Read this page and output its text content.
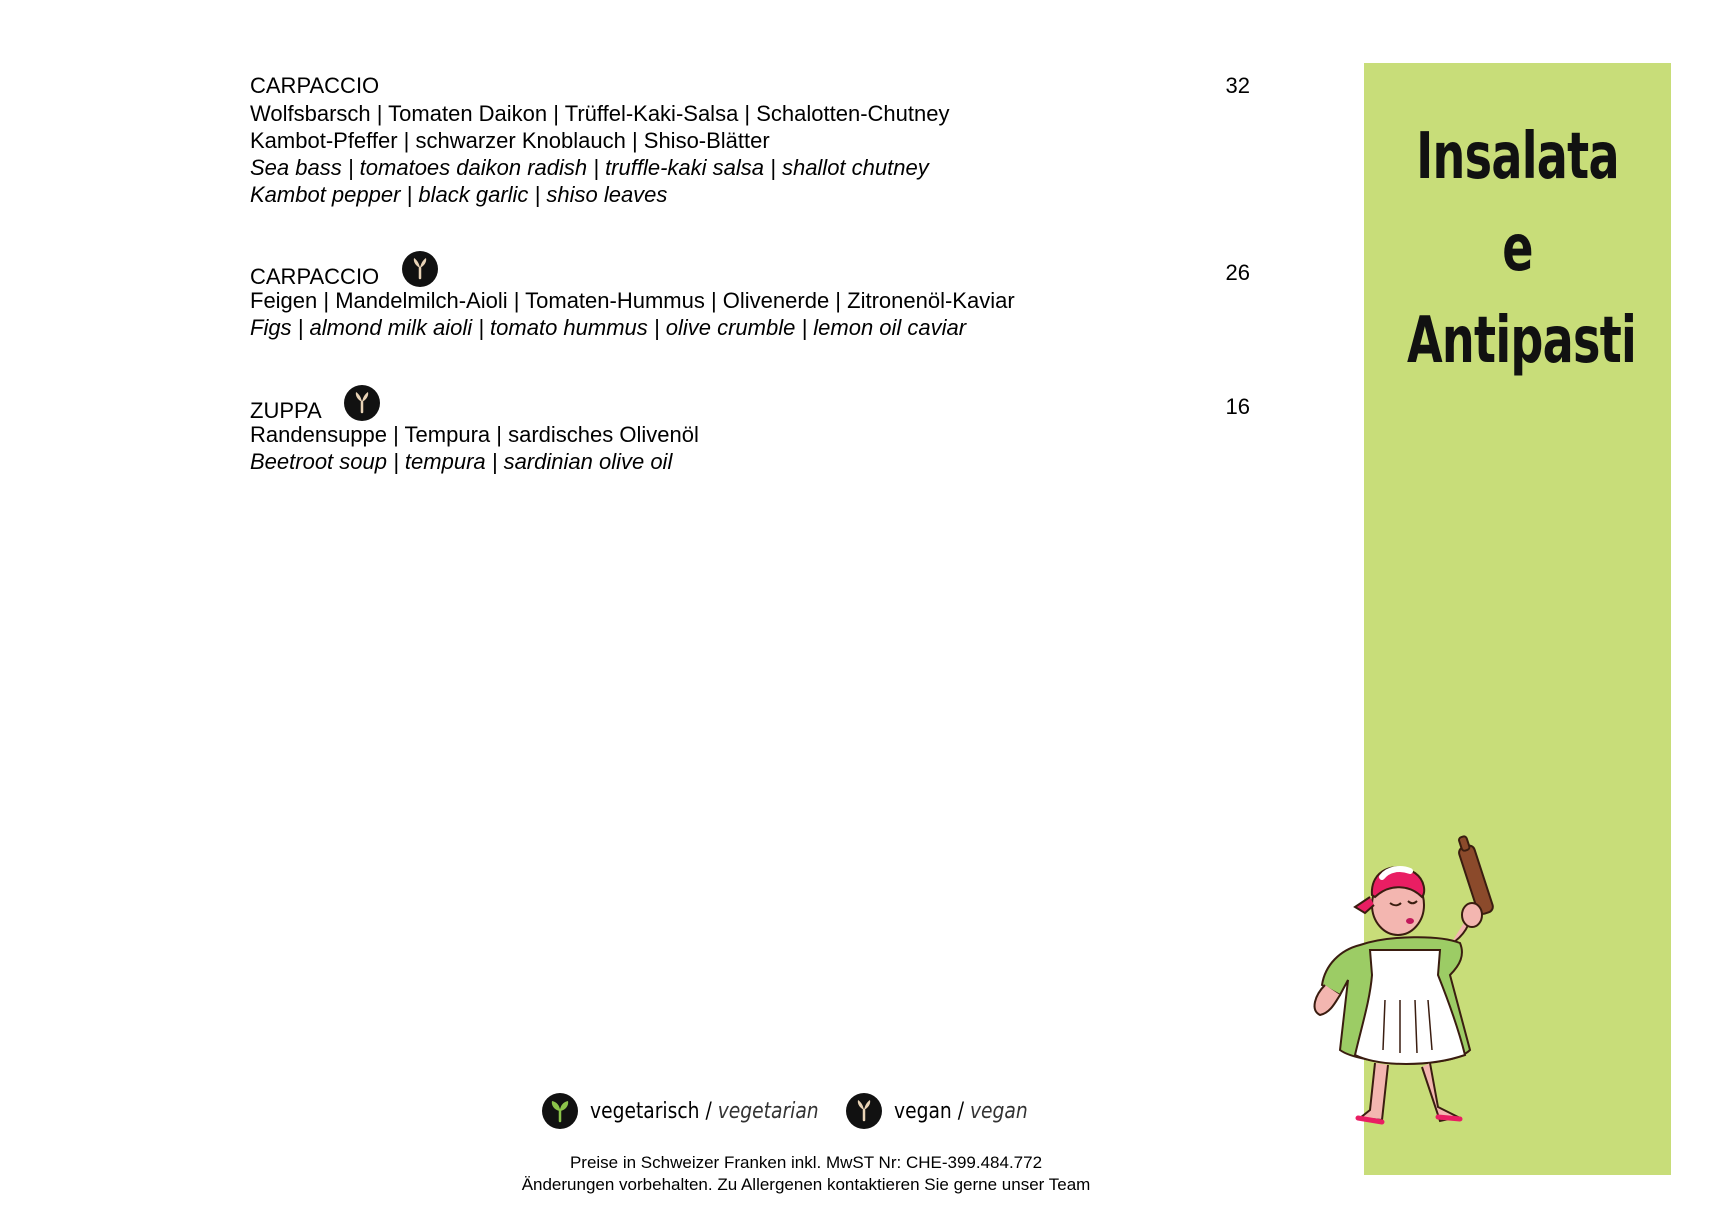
CARPACCIO	32
Wolfsbarsch | Tomaten Daikon | Trüffel-Kaki-Salsa | Schalotten-Chutney
Kambot-Pfeffer | schwarzer Knoblauch | Shiso-Blätter
Sea bass | tomatoes daikon radish | truffle-kaki salsa | shallot chutney
Kambot pepper | black garlic | shiso leaves
CARPACCIO	26
Feigen | Mandelmilch-Aioli | Tomaten-Hummus | Olivenerde | Zitronenöl-Kaviar
Figs | almond milk aioli | tomato hummus | olive crumble | lemon oil caviar
ZUPPA	16
Randensuppe | Tempura | sardisches Olivenöl
Beetroot soup | tempura | sardinian olive oil
Insalata e
Antipasti
vegetarisch / vegetarian	vegan / vegan
Preise in Schweizer Franken inkl. MwST Nr: CHE-399.484.772
Änderungen vorbehalten. Zu Allergenen kontaktieren Sie gerne unser Team
